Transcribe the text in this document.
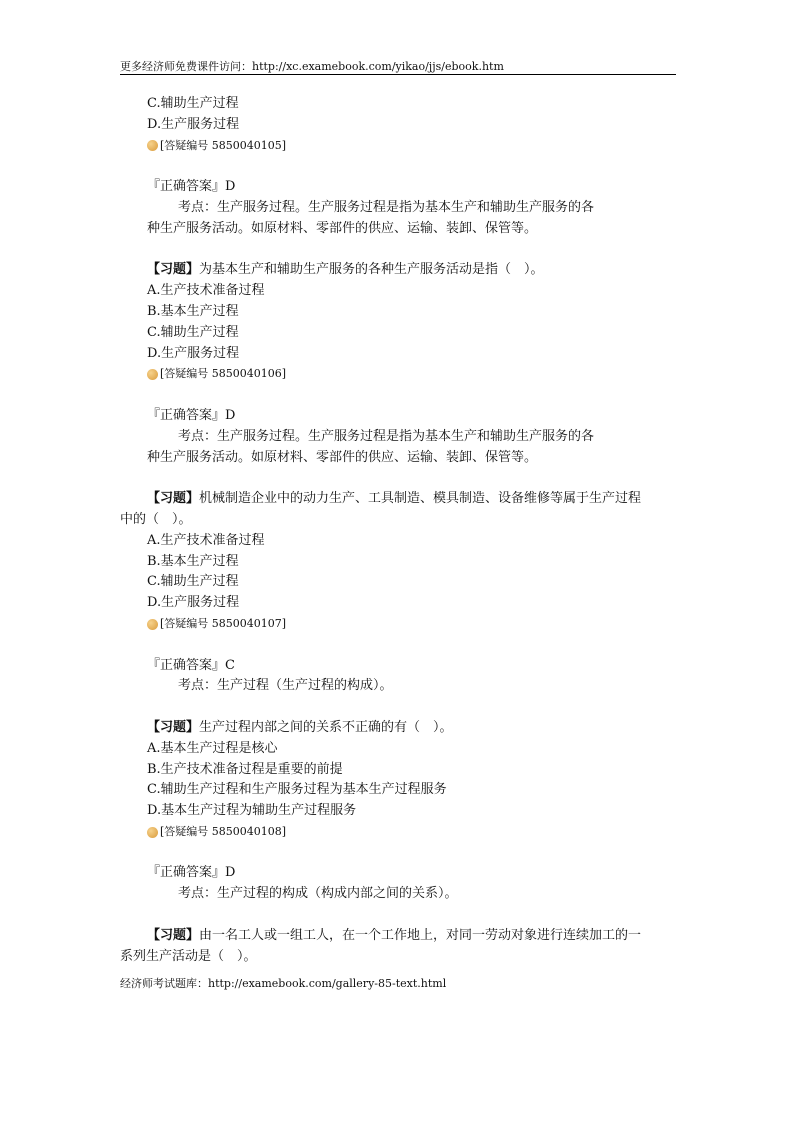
更多经济师免费课件访问：http://xc.examebook.com/yikao/jjs/ebook.htm
C.辅助生产过程
D.生产服务过程
[答疑编号 5850040105]
『正确答案』D
考点：生产服务过程。生产服务过程是指为基本生产和辅助生产服务的各
种生产服务活动。如原材料、零部件的供应、运输、装卸、保管等。
【习题】为基本生产和辅助生产服务的各种生产服务活动是指（　）。
A.生产技术准备过程
B.基本生产过程
C.辅助生产过程
D.生产服务过程
[答疑编号 5850040106]
『正确答案』D
考点：生产服务过程。生产服务过程是指为基本生产和辅助生产服务的各
种生产服务活动。如原材料、零部件的供应、运输、装卸、保管等。
【习题】机械制造企业中的动力生产、工具制造、模具制造、设备维修等属于生产过程
中的（　）。
A.生产技术准备过程
B.基本生产过程
C.辅助生产过程
D.生产服务过程
[答疑编号 5850040107]
『正确答案』C
考点：生产过程（生产过程的构成）。
【习题】生产过程内部之间的关系不正确的有（　）。
A.基本生产过程是核心
B.生产技术准备过程是重要的前提
C.辅助生产过程和生产服务过程为基本生产过程服务
D.基本生产过程为辅助生产过程服务
[答疑编号 5850040108]
『正确答案』D
考点：生产过程的构成（构成内部之间的关系）。
【习题】由一名工人或一组工人，在一个工作地上，对同一劳动对象进行连续加工的一
系列生产活动是（　）。
经济师考试题库：http://examebook.com/gallery-85-text.html
